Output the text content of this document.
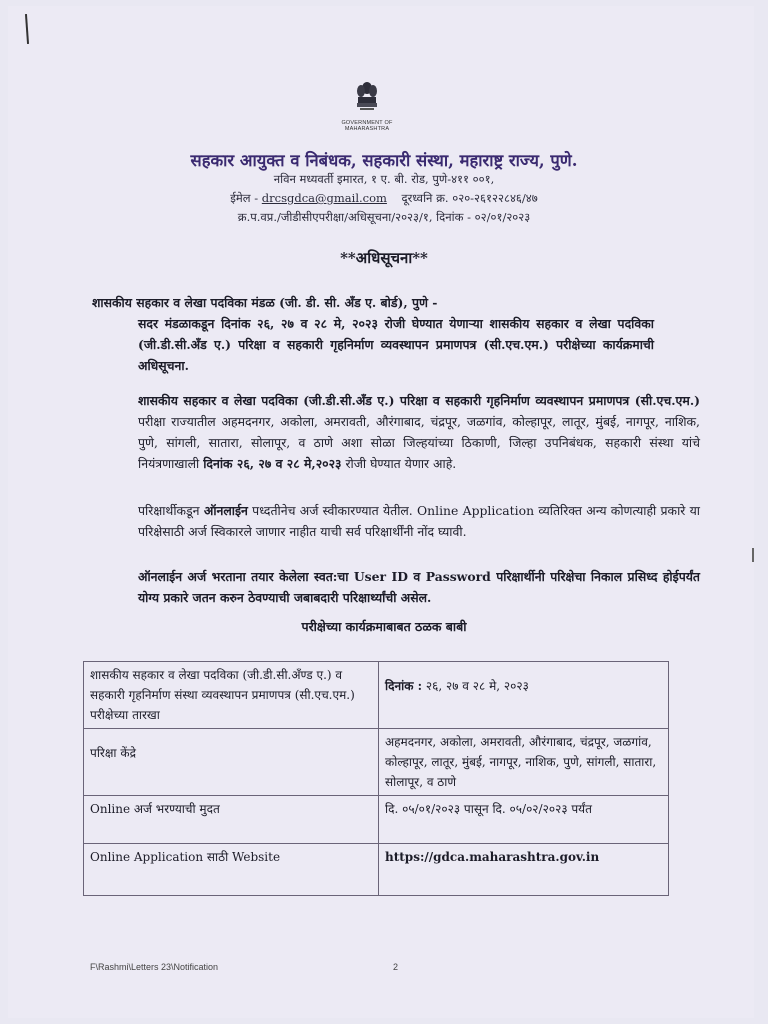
GOVERNMENT OF MAHARASHTRA
सहकार आयुक्त व निबंधक, सहकारी संस्था, महाराष्ट्र राज्य, पुणे.
नविन मध्यवर्ती इमारत, १ ए. बी. रोड, पुणे-४११ ००१,
ईमेल - drcsgdca@gmail.com दूरध्वनि क्र. ०२०-२६१२२८४६/४७
क्र.प.वप्र./जीडीसीएपरीक्षा/अधिसूचना/२०२३/१, दिनांक - ०२/०१/२०२३
**अधिसूचना**
शासकीय सहकार व लेखा पदविका मंडळ (जी. डी. सी. अँड ए. बोर्ड), पुणे -
सदर मंडळाकडून दिनांक २६, २७ व २८ मे, २०२३ रोजी घेण्यात येणाऱ्या शासकीय सहकार व लेखा पदविका (जी.डी.सी.अँड ए.) परिक्षा व सहकारी गृहनिर्माण व्यवस्थापन प्रमाणपत्र (सी.एच.एम.) परीक्षेच्या कार्यक्रमाची अधिसूचना.
शासकीय सहकार व लेखा पदविका (जी.डी.सी.अँड ए.) परिक्षा व सहकारी गृहनिर्माण व्यवस्थापन प्रमाणपत्र (सी.एच.एम.) परीक्षा राज्यातील अहमदनगर, अकोला, अमरावती, औरंगाबाद, चंद्रपूर, जळगांव, कोल्हापूर, लातूर, मुंबई, नागपूर, नाशिक, पुणे, सांगली, सातारा, सोलापूर, व ठाणे अशा सोळा जिल्हयांच्या ठिकाणी, जिल्हा उपनिबंधक, सहकारी संस्था यांचे नियंत्रणाखाली दिनांक २६, २७ व २८ मे,२०२३ रोजी घेण्यात येणार आहे.
परिक्षार्थीकडून ऑनलाईन पध्दतीनेच अर्ज स्वीकारण्यात येतील. Online Application व्यतिरिक्त अन्य कोणत्याही प्रकारे या परिक्षेसाठी अर्ज स्विकारले जाणार नाहीत याची सर्व परिक्षार्थींनी नोंद घ्यावी.
ऑनलाईन अर्ज भरताना तयार केलेला स्वत:चा User ID व Password परिक्षार्थीनी परिक्षेचा निकाल प्रसिध्द होईपर्यंत योग्य प्रकारे जतन करुन ठेवण्याची जबाबदारी परिक्षार्थ्यांची असेल.
परीक्षेच्या कार्यक्रमाबाबत ठळक बाबी
शासकीय सहकार व लेखा पदविका (जी.डी.सी.अँण्ड ए.) व सहकारी गृहनिर्माण संस्था व्यवस्थापन प्रमाणपत्र (सी.एच.एम.) परीक्षेच्या तारखा	दिनांक : २६, २७ व २८ मे, २०२३
परिक्षा केंद्रे	अहमदनगर, अकोला, अमरावती, औरंगाबाद, चंद्रपूर, जळगांव, कोल्हापूर, लातूर, मुंबई, नागपूर, नाशिक, पुणे, सांगली, सातारा, सोलापूर, व ठाणे
Online अर्ज भरण्याची मुदत	दि. ०५/०१/२०२३ पासून दि. ०५/०२/२०२३ पर्यंत
Online Application साठी Website	https://gdca.maharashtra.gov.in
F\Rashmi\Letters 23\Notification	2
